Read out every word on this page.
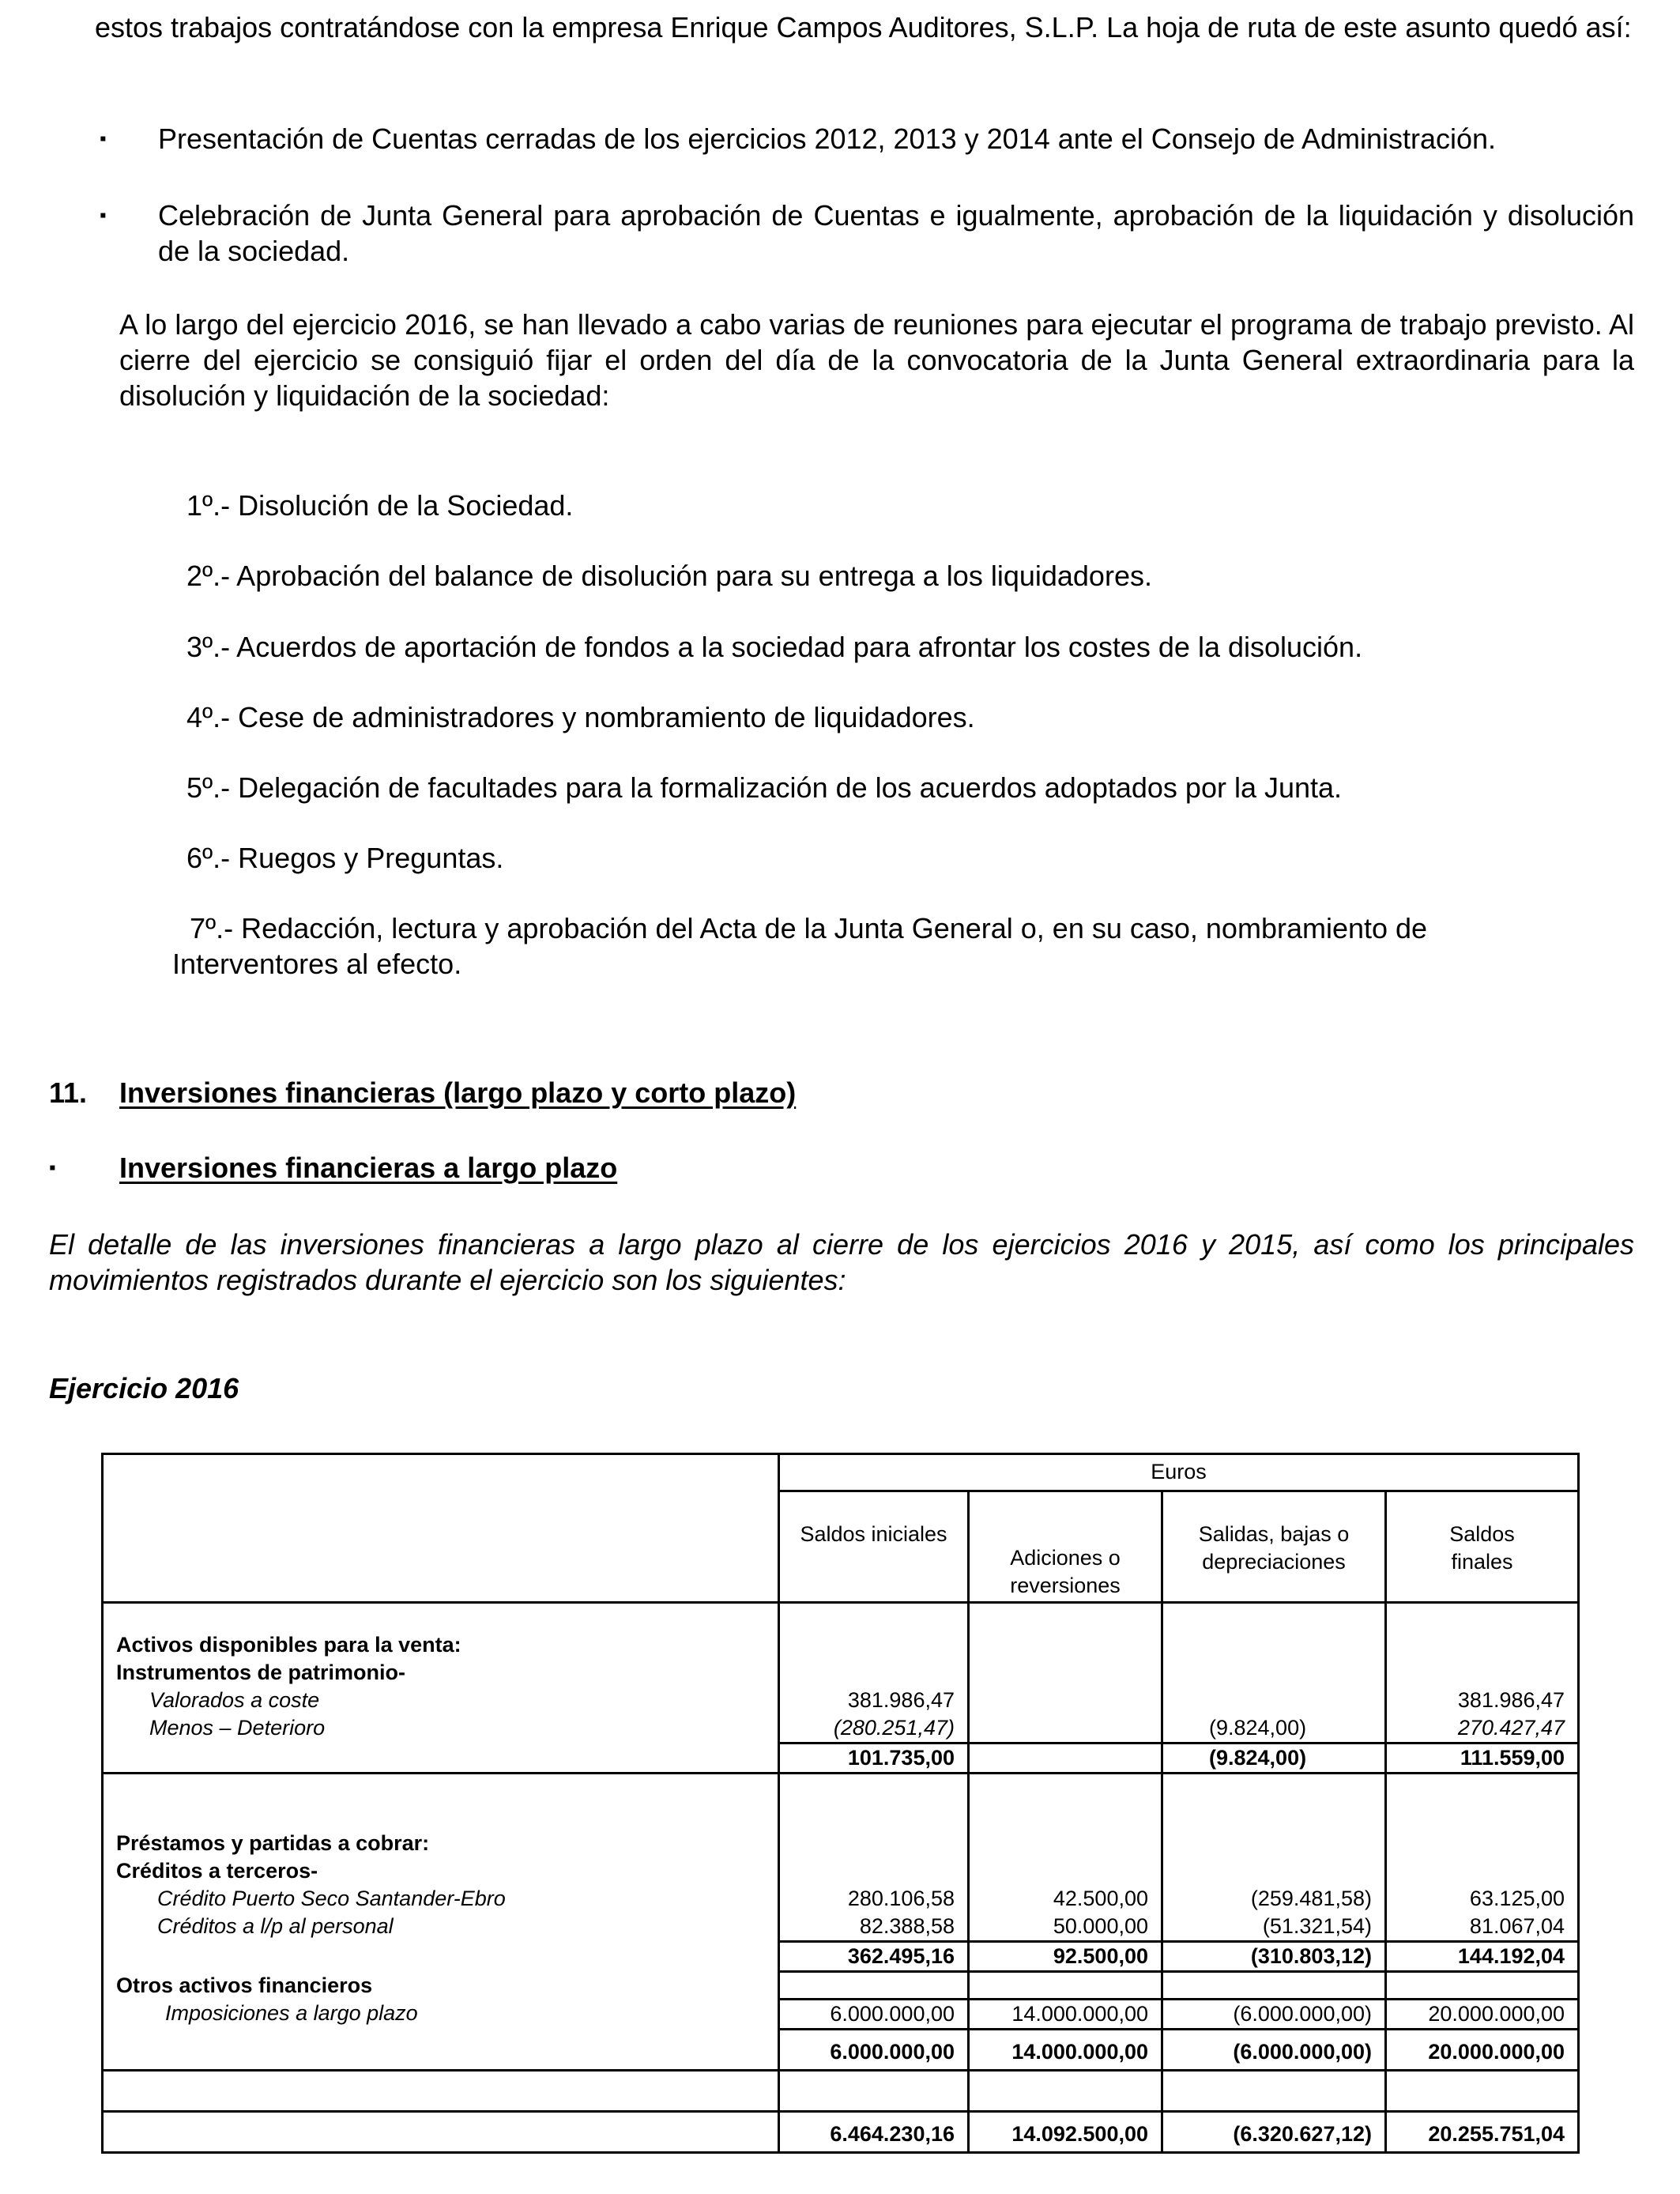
estos trabajos contratándose con la empresa Enrique Campos Auditores, S.L.P. La hoja de ruta de este asunto quedó así:
▪ Presentación de Cuentas cerradas de los ejercicios 2012, 2013 y 2014 ante el Consejo de Administración.
▪ Celebración de Junta General para aprobación de Cuentas e igualmente, aprobación de la liquidación y disolución de la sociedad.
A lo largo del ejercicio 2016, se han llevado a cabo varias de reuniones para ejecutar el programa de trabajo previsto. Al cierre del ejercicio se consiguió fijar el orden del día de la convocatoria de la Junta General extraordinaria para la disolución y liquidación de la sociedad:
1º.- Disolución de la Sociedad.
2º.- Aprobación del balance de disolución para su entrega a los liquidadores.
3º.- Acuerdos de aportación de fondos a la sociedad para afrontar los costes de la disolución.
4º.- Cese de administradores y nombramiento de liquidadores.
5º.- Delegación de facultades para la formalización de los acuerdos adoptados por la Junta.
6º.- Ruegos y Preguntas.
7º.- Redacción, lectura y aprobación del Acta de la Junta General o, en su caso, nombramiento de Interventores al efecto.
11. Inversiones financieras (largo plazo y corto plazo)
▪ Inversiones financieras a largo plazo
El detalle de las inversiones financieras a largo plazo al cierre de los ejercicios 2016 y 2015, así como los principales movimientos registrados durante el ejercicio son los siguientes:
Ejercicio 2016
	Euros			
	Saldos iniciales	Adiciones o reversiones	Salidas, bajas o depreciaciones	Saldos finales
Activos disponibles para la venta:				
Instrumentos de patrimonio-				
Valorados a coste	381.986,47			381.986,47
Menos – Deterioro	(280.251,47)		(9.824,00)	270.427,47
	101.735,00		(9.824,00)	111.559,00
Préstamos y partidas a cobrar:				
Créditos a terceros-				
Crédito Puerto Seco Santander-Ebro	280.106,58	42.500,00	(259.481,58)	63.125,00
Créditos a l/p al personal	82.388,58	50.000,00	(51.321,54)	81.067,04
	362.495,16	92.500,00	(310.803,12)	144.192,04
Otros activos financieros				
Imposiciones a largo plazo	6.000.000,00	14.000.000,00	(6.000.000,00)	20.000.000,00
	6.000.000,00	14.000.000,00	(6.000.000,00)	20.000.000,00

	6.464.230,16	14.092.500,00	(6.320.627,12)	20.255.751,04
